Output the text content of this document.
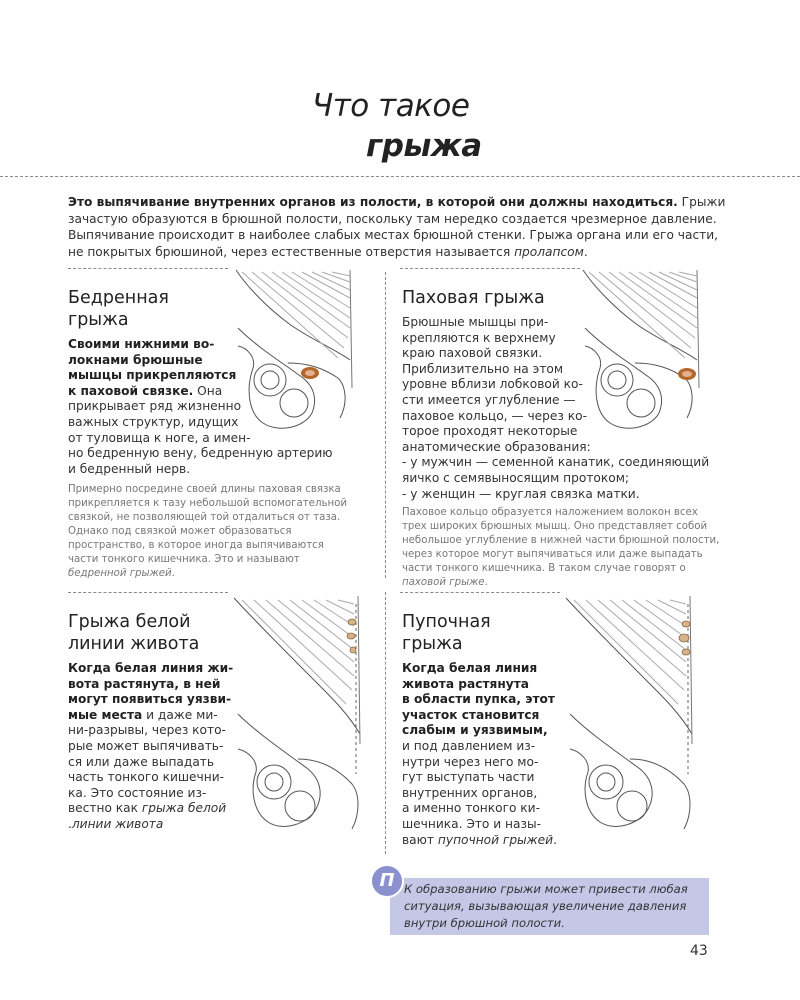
Что такое
грыжа
Это выпячивание внутренних органов из полости, в которой они должны находиться. Грыжи зачастую образуются в брюшной полости, поскольку там нередко создается чрезмерное давление. Выпячивание происходит в наиболее слабых местах брюшной стенки. Грыжа органа или его части, не покрытых брюшиной, через естественные отверстия называется пролапсом.
Бедренная грыжа
Своими нижними во-
локнами брюшные
мышцы прикрепляются
к паховой связке. Она
прикрывает ряд жизненно
важных структур, идущих
от туловища к ноге, а имен-
но бедренную вену, бедренную артерию
и бедренный нерв.
Примерно посредине своей длины паховая связка прикрепляется к тазу небольшой вспомогательной связкой, не позволяющей той отдалиться от таза. Однако под связкой может образоваться пространство, в которое иногда выпячиваются части тонкого кишечника. Это и называют бедренной грыжей.
Паховая грыжа
Брюшные мышцы при-
крепляются к верхнему
краю паховой связки.
Приблизительно на этом
уровне вблизи лобковой ко-
сти имеется углубление —
паховое кольцо, — через ко-
торое проходят некоторые
анатомические образования:
- у мужчин — семенной канатик, соединяющий
яичко с семявыносящим протоком;
- у женщин — круглая связка матки.
Паховое кольцо образуется наложением волокон всех трех широких брюшных мышц. Оно представляет собой небольшое углубление в нижней части брюшной полости, через которое могут выпячиваться или даже выпадать части тонкого кишечника. В таком случае говорят о паховой грыже.
Грыжа белой линии живота
Когда белая линия жи-
вота растянута, в ней
могут появиться уязви-
мые места и даже ми-
ни-разрывы, через кото-
рые может выпячивать-
ся или даже выпадать
часть тонкого кишечни-
ка. Это состояние из-
вестно как грыжа белой
.линии живота
Пупочная грыжа
Когда белая линия
живота растянута
в области пупка, этот
участок становится
слабым и уязвимым,
и под давлением из-
нутри через него мо-
гут выступать части
внутренних органов,
а именно тонкого ки-
шечника. Это и назы-
вают пупочной грыжей.
П К образованию грыжи может привести любая ситуация, вызывающая увеличение давления внутри брюшной полости.
43
